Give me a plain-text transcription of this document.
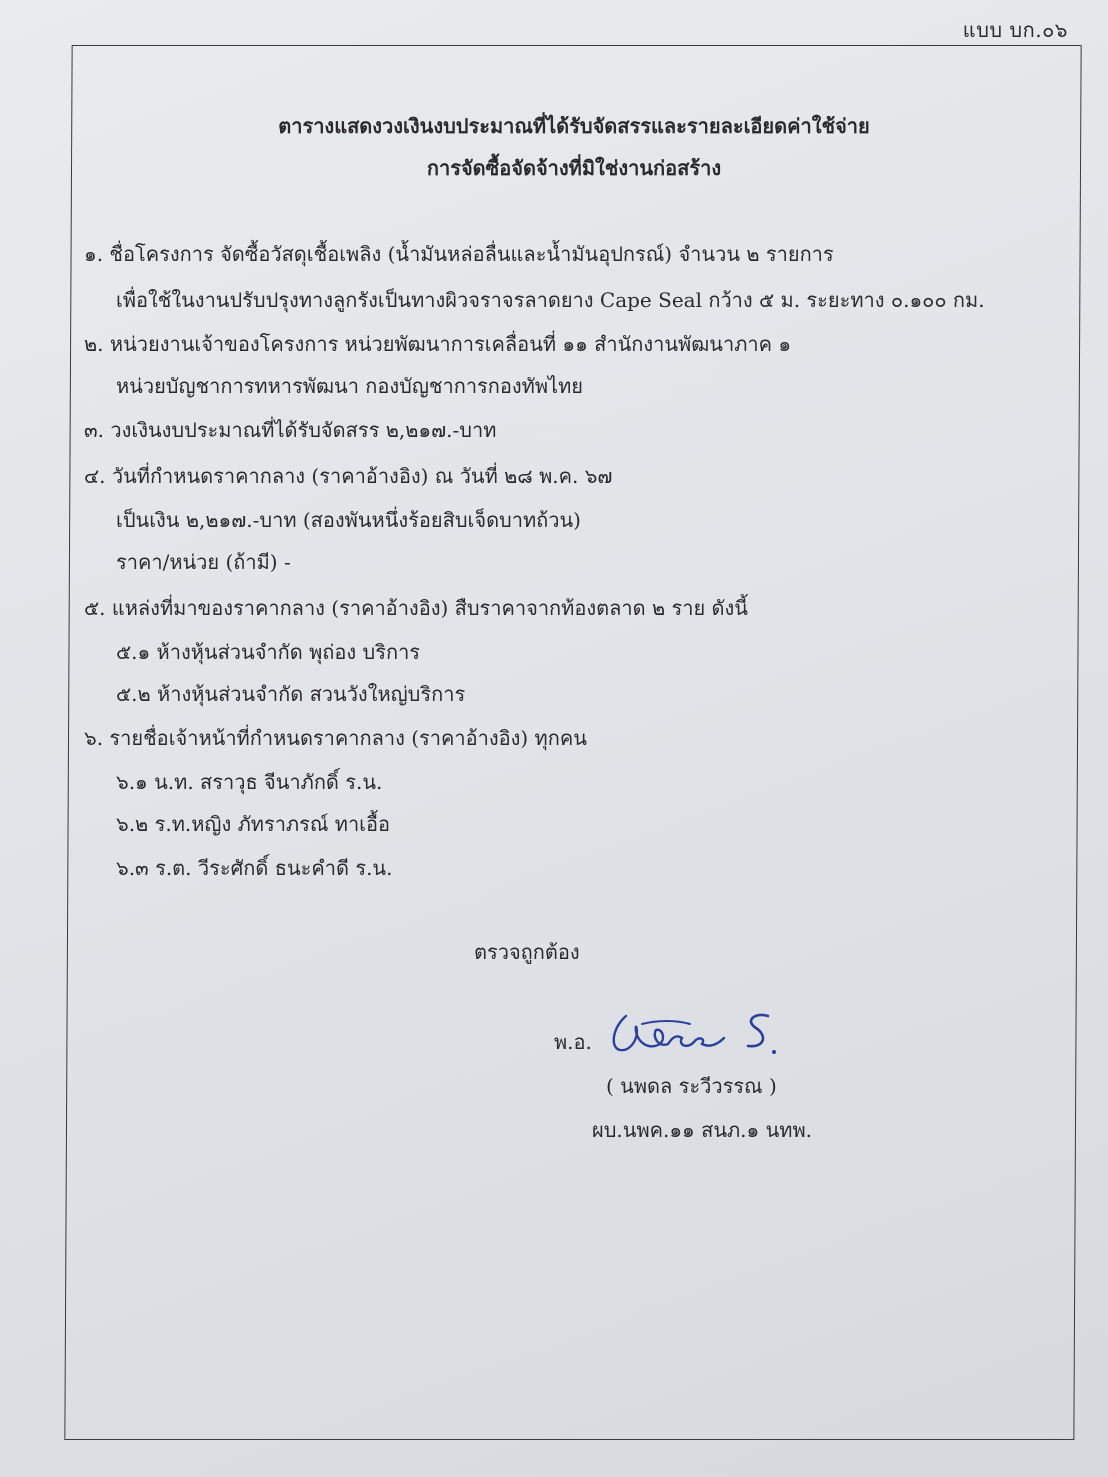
แบบ บก.๐๖
ตารางแสดงวงเงินงบประมาณที่ได้รับจัดสรรและรายละเอียดค่าใช้จ่าย
การจัดซื้อจัดจ้างที่มิใช่งานก่อสร้าง
๑. ชื่อโครงการ จัดซื้อวัสดุเชื้อเพลิง (น้ำมันหล่อลื่นและน้ำมันอุปกรณ์) จำนวน ๒ รายการ
เพื่อใช้ในงานปรับปรุงทางลูกรังเป็นทางผิวจราจรลาดยาง Cape Seal กว้าง ๕ ม. ระยะทาง ๐.๑๐๐ กม.
๒. หน่วยงานเจ้าของโครงการ หน่วยพัฒนาการเคลื่อนที่ ๑๑ สำนักงานพัฒนาภาค ๑
หน่วยบัญชาการทหารพัฒนา กองบัญชาการกองทัพไทย
๓. วงเงินงบประมาณที่ได้รับจัดสรร ๒,๒๑๗.-บาท
๔. วันที่กำหนดราคากลาง (ราคาอ้างอิง) ณ วันที่ ๒๘ พ.ค. ๖๗
เป็นเงิน ๒,๒๑๗.-บาท (สองพันหนึ่งร้อยสิบเจ็ดบาทถ้วน)
ราคา/หน่วย (ถ้ามี) -
๕. แหล่งที่มาของราคากลาง (ราคาอ้างอิง) สืบราคาจากท้องตลาด ๒ ราย ดังนี้
๕.๑ ห้างหุ้นส่วนจำกัด พุถ่อง บริการ
๕.๒ ห้างหุ้นส่วนจำกัด สวนวังใหญ่บริการ
๖. รายชื่อเจ้าหน้าที่กำหนดราคากลาง (ราคาอ้างอิง) ทุกคน
๖.๑ น.ท. สราวุธ จีนาภักดิ์ ร.น.
๖.๒ ร.ท.หญิง ภัทราภรณ์ ทาเอื้อ
๖.๓ ร.ต. วีระศักดิ์ ธนะคำดี ร.น.
ตรวจถูกต้อง
พ.อ.
( นพดล ระวีวรรณ )
ผบ.นพค.๑๑ สนภ.๑ นทพ.
